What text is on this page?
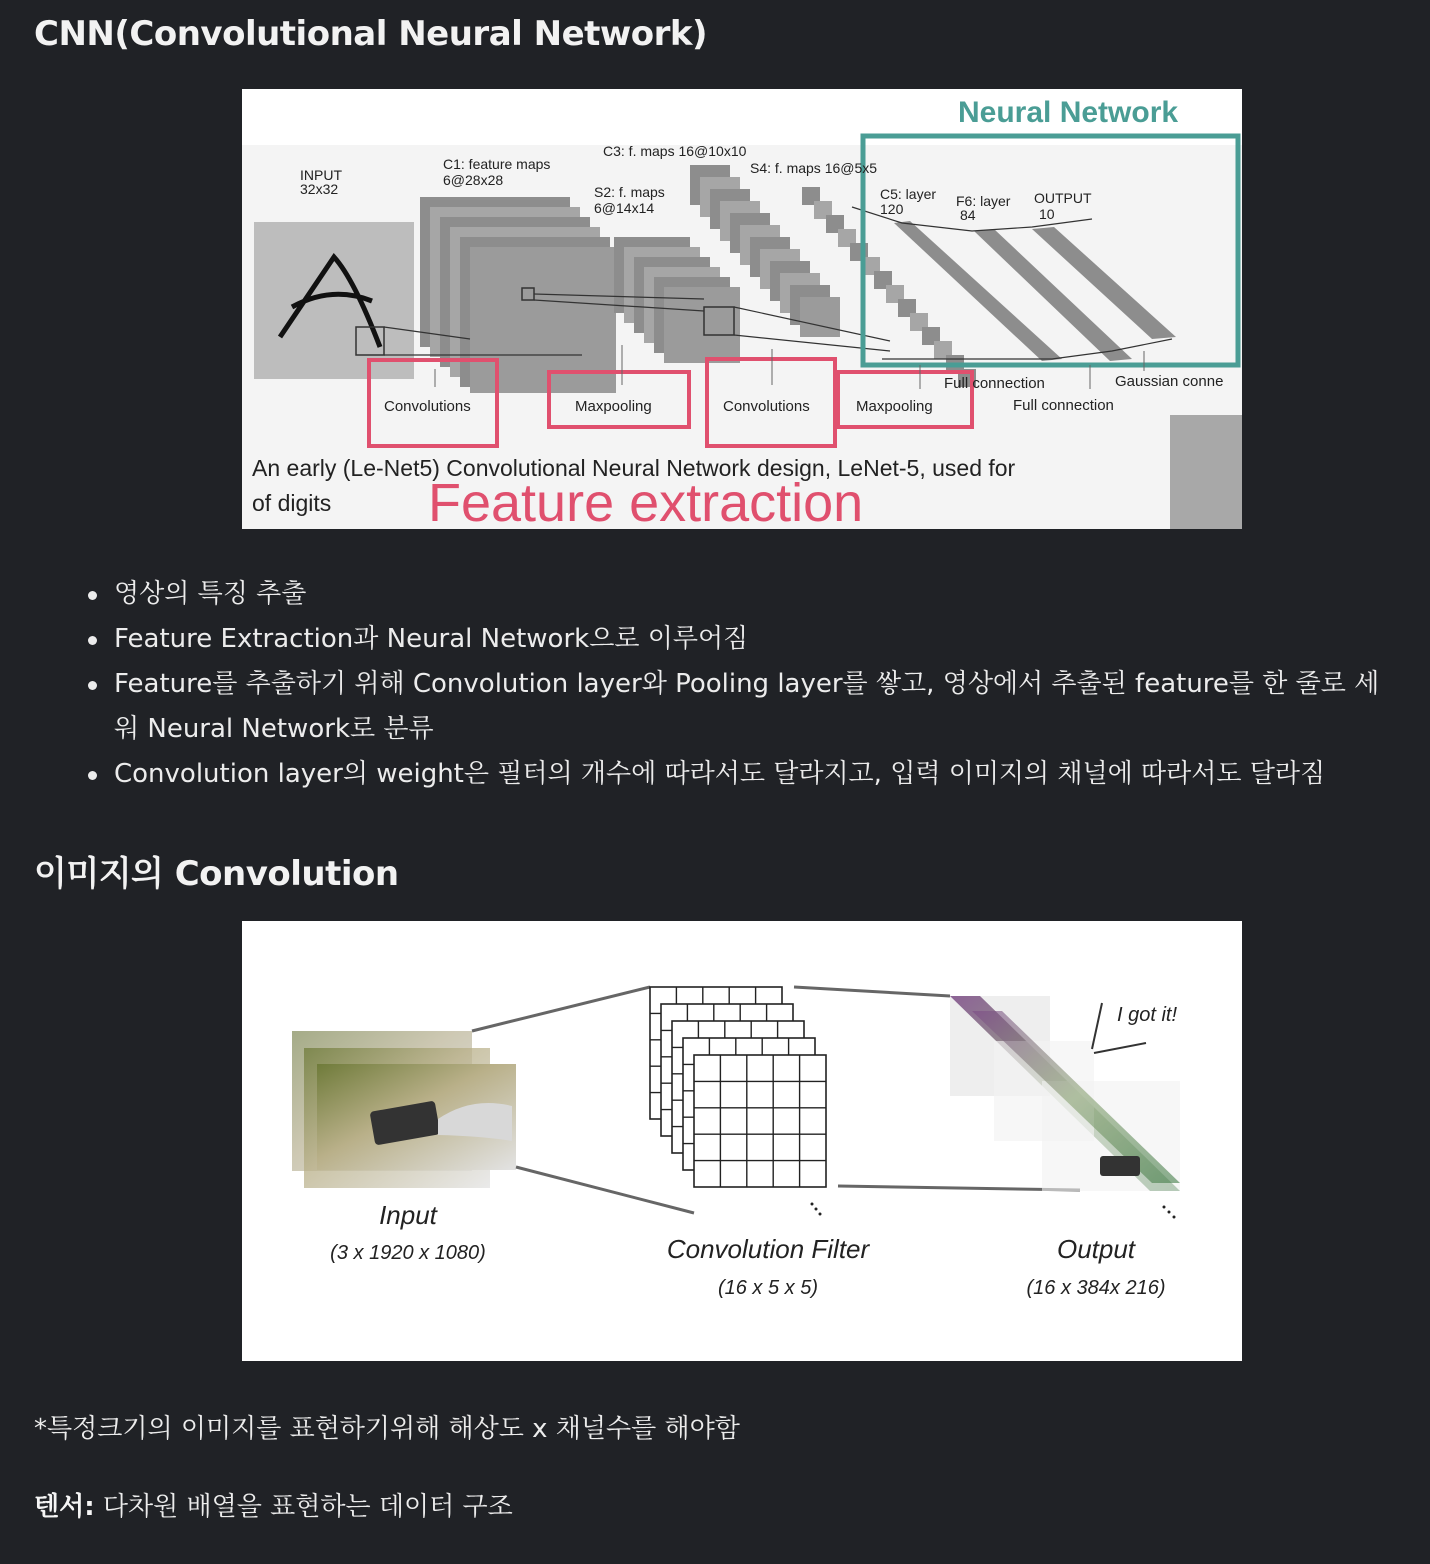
CNN(Convolutional Neural Network)
Neural Network
INPUT
32x32
C1: feature maps
6@28x28
S2: f. maps
6@14x14
C3: f. maps 16@10x10
S4: f. maps 16@5x5
C5: layer
120	F6: layer
84
OUTPUT
10
Convolutions	Maxpooling	Convolutions	Maxpooling
Full connection	Gaussian conne
Full connection
An early (Le-Net5) Convolutional Neural Network design, LeNet-5, used for
of digits Feature extraction
영상의 특징 추출
Feature Extraction과 Neural Network으로 이루어짐
Feature를 추출하기 위해 Convolution layer와 Pooling layer를 쌓고, 영상에서 추출된 feature를 한 줄로 세워 Neural Network로 분류
Convolution layer의 weight은 필터의 개수에 따라서도 달라지고, 입력 이미지의 채널에 따라서도 달라짐
이미지의 Convolution
I got it!
Input
(3 x 1920 x 1080)	Convolution Filter
(16 x 5 x 5)
Output
(16 x 384x 216)
*특정크기의 이미지를 표현하기위해 해상도 x 채널수를 해야함
텐서: 다차원 배열을 표현하는 데이터 구조
